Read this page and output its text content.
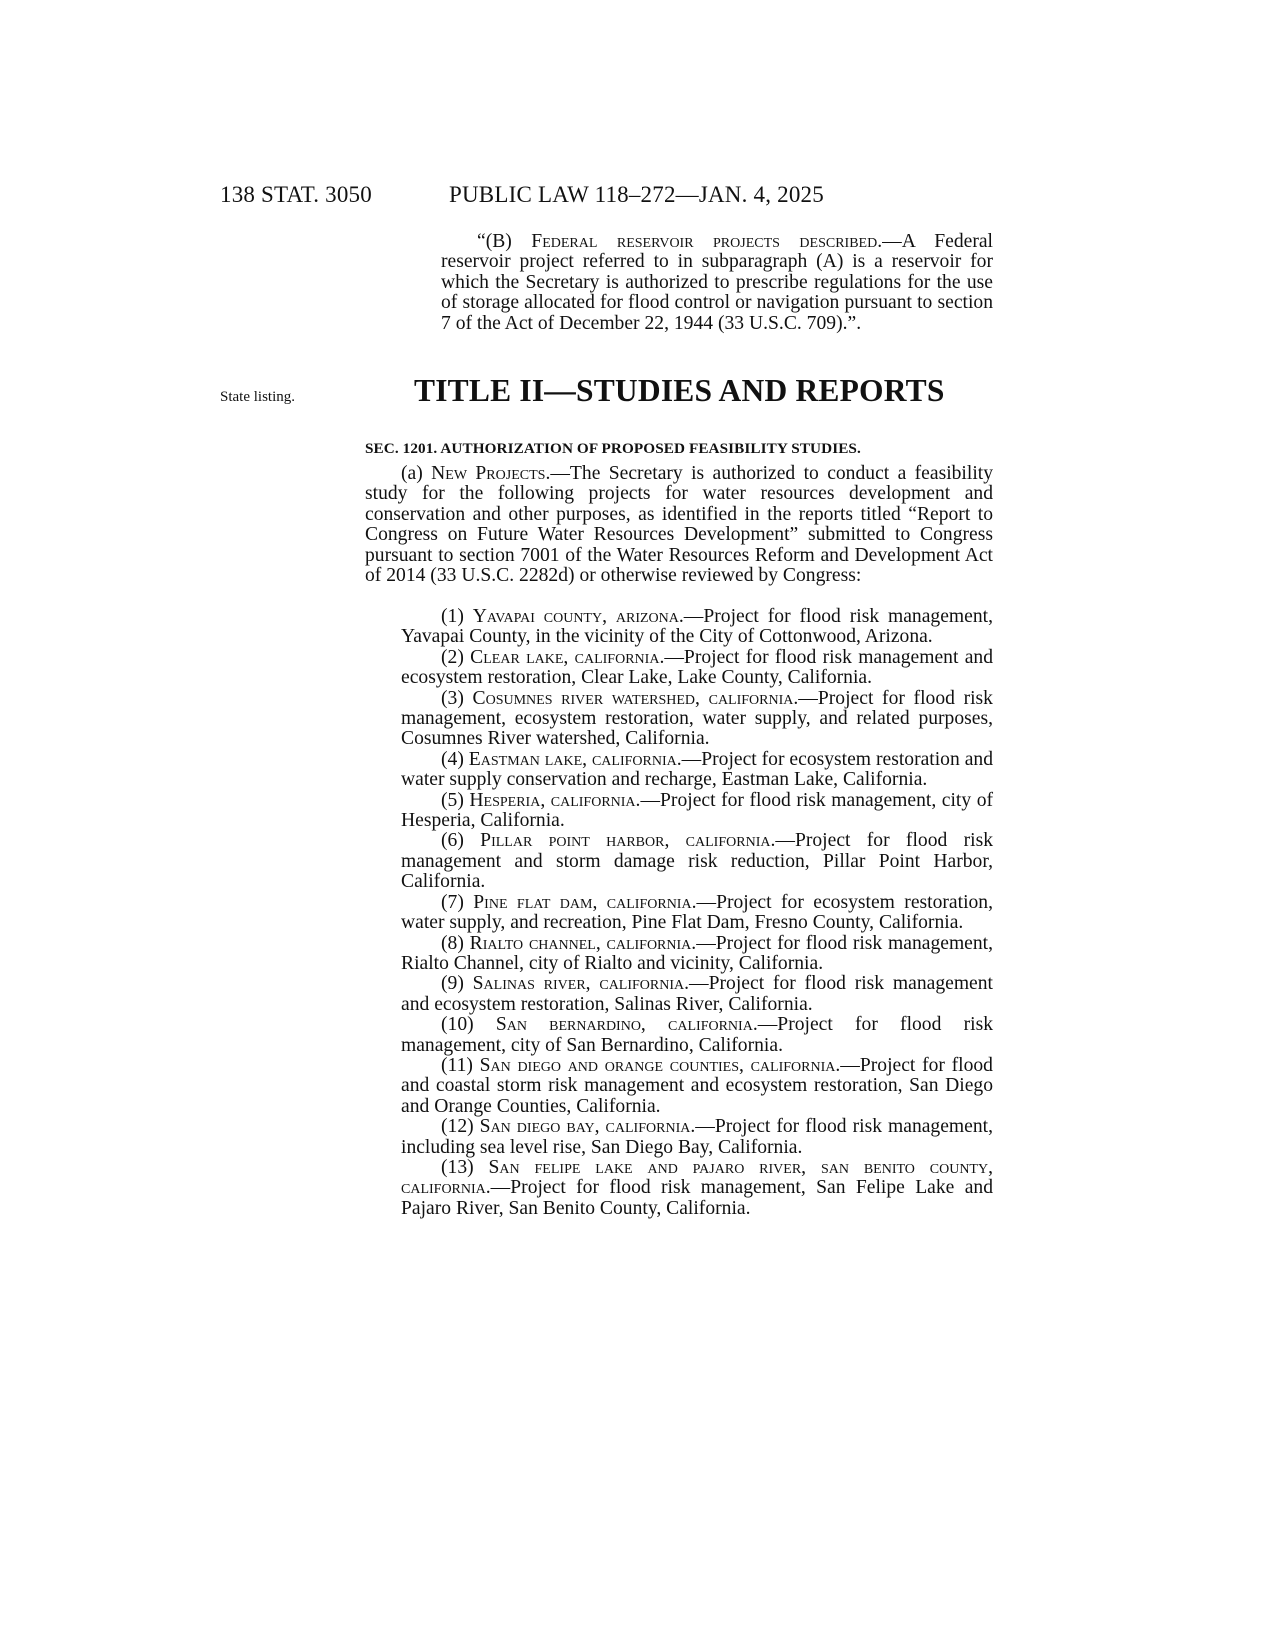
138 STAT. 3050	PUBLIC LAW 118–272—JAN. 4, 2025

“(B) Federal reservoir projects described.—A Federal reservoir project referred to in subparagraph (A) is a reservoir for which the Secretary is authorized to prescribe regulations for the use of storage allocated for flood control or navigation pursuant to section 7 of the Act of December 22, 1944 (33 U.S.C. 709).”.

State listing.	TITLE II—STUDIES AND REPORTS
SEC. 1201. AUTHORIZATION OF PROPOSED FEASIBILITY STUDIES.

(a) New Projects.—The Secretary is authorized to conduct a feasibility study for the following projects for water resources development and conservation and other purposes, as identified in the reports titled “Report to Congress on Future Water Resources Development” submitted to Congress pursuant to section 7001 of the Water Resources Reform and Development Act of 2014 (33 U.S.C. 2282d) or otherwise reviewed by Congress:

(1) Yavapai county, arizona.—Project for flood risk management, Yavapai County, in the vicinity of the City of Cottonwood, Arizona.

(2) Clear lake, california.—Project for flood risk management and ecosystem restoration, Clear Lake, Lake County, California.

(3) Cosumnes river watershed, california.—Project for flood risk management, ecosystem restoration, water supply, and related purposes, Cosumnes River watershed, California.

(4) Eastman lake, california.—Project for ecosystem restoration and water supply conservation and recharge, Eastman Lake, California.

(5) Hesperia, california.—Project for flood risk management, city of Hesperia, California.

(6) Pillar point harbor, california.—Project for flood risk management and storm damage risk reduction, Pillar Point Harbor, California.

(7) Pine flat dam, california.—Project for ecosystem restoration, water supply, and recreation, Pine Flat Dam, Fresno County, California.

(8) Rialto channel, california.—Project for flood risk management, Rialto Channel, city of Rialto and vicinity, California.

(9) Salinas river, california.—Project for flood risk management and ecosystem restoration, Salinas River, California.

(10) San bernardino, california.—Project for flood risk management, city of San Bernardino, California.

(11) San diego and orange counties, california.—Project for flood and coastal storm risk management and ecosystem restoration, San Diego and Orange Counties, California.

(12) San diego bay, california.—Project for flood risk management, including sea level rise, San Diego Bay, California.

(13) San felipe lake and pajaro river, san benito county, california.—Project for flood risk management, San Felipe Lake and Pajaro River, San Benito County, California.
